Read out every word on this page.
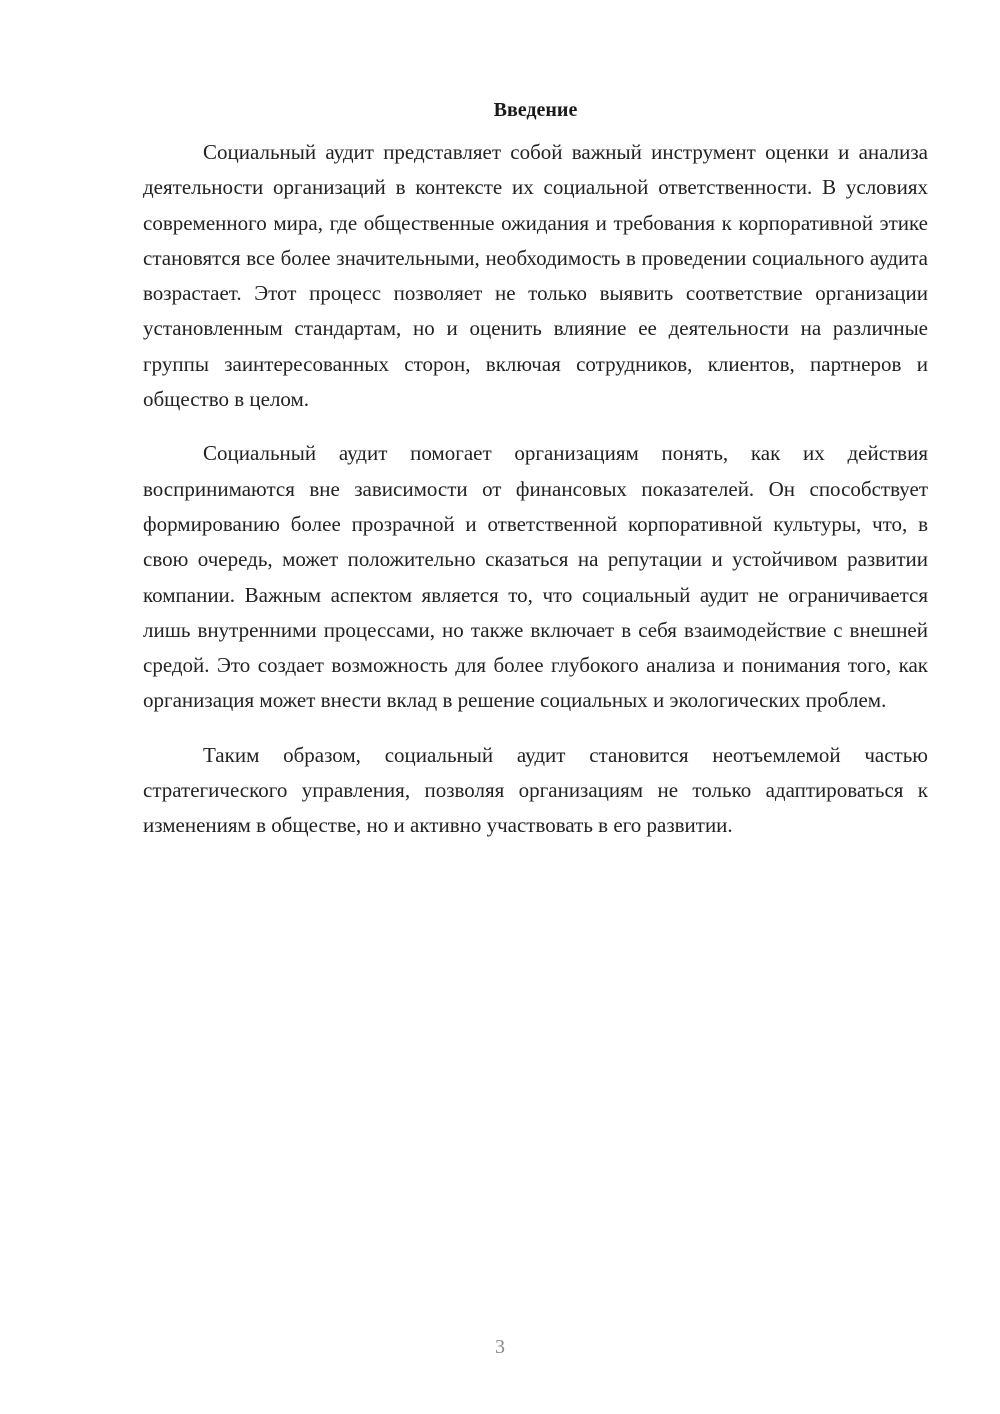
Введение

Социальный аудит представляет собой важный инструмент оценки и анализа деятельности организаций в контексте их социальной ответственности. В условиях современного мира, где общественные ожидания и требования к корпоративной этике становятся все более значительными, необходимость в проведении социального аудита возрастает. Этот процесс позволяет не только выявить соответствие организации установленным стандартам, но и оценить влияние ее деятельности на различные группы заинтересованных сторон, включая сотрудников, клиентов, партнеров и общество в целом.

Социальный аудит помогает организациям понять, как их действия воспринимаются вне зависимости от финансовых показателей. Он способствует формированию более прозрачной и ответственной корпоративной культуры, что, в свою очередь, может положительно сказаться на репутации и устойчивом развитии компании. Важным аспектом является то, что социальный аудит не ограничивается лишь внутренними процессами, но также включает в себя взаимодействие с внешней средой. Это создает возможность для более глубокого анализа и понимания того, как организация может внести вклад в решение социальных и экологических проблем.

Таким образом, социальный аудит становится неотъемлемой частью стратегического управления, позволяя организациям не только адаптироваться к изменениям в обществе, но и активно участвовать в его развитии.

3
